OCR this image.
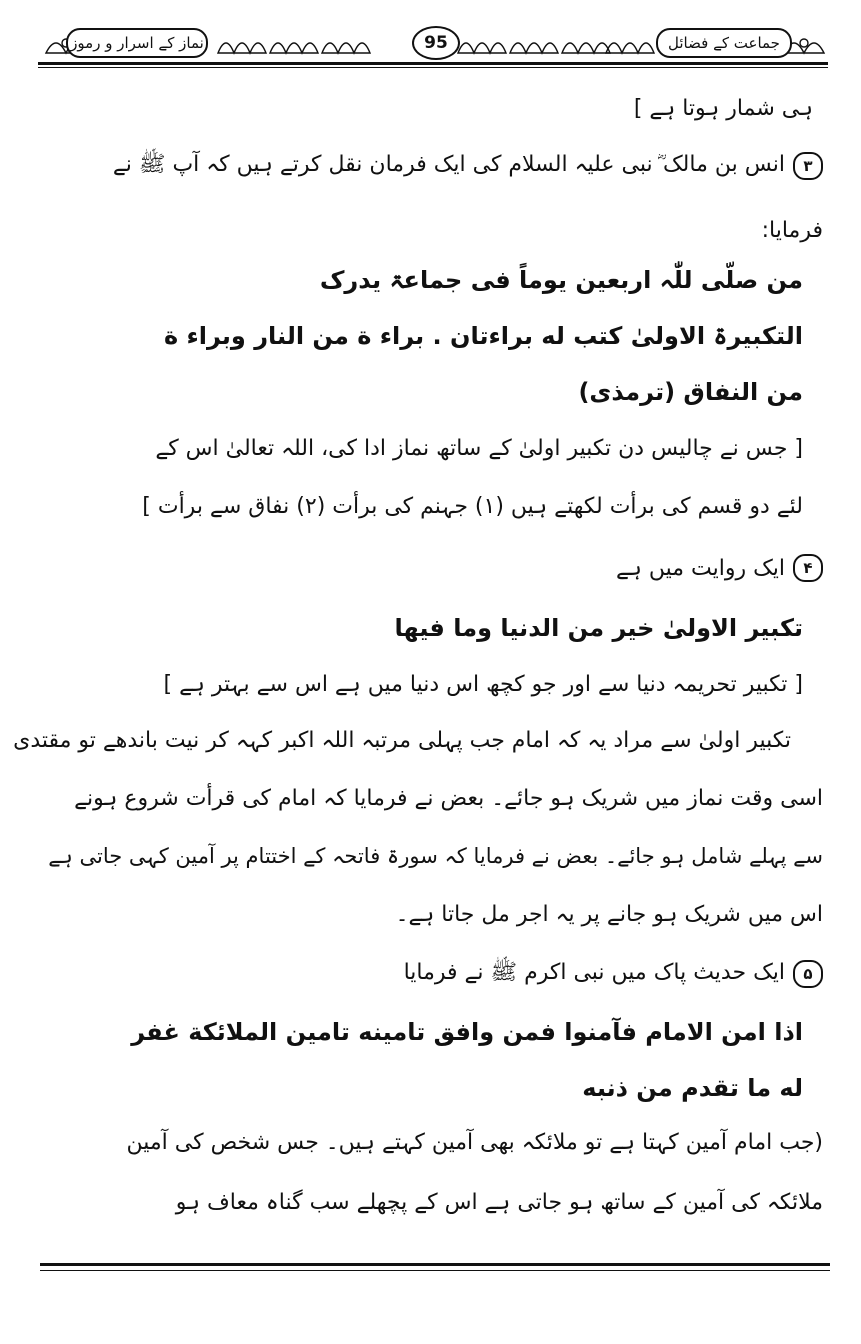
نماز کے اسرار و رموز	95	جماعت کے فضائل
ہی شمار ہوتا ہے ]
۳
انس بن مالک ؓ نبی علیہ السلام کی ایک فرمان نقل کرتے ہیں کہ آپ ﷺ نے
فرمایا:
من صلّی للّٰہ اربعین یوماً فی جماعۃ یدرک
التکبیرۃ الاولیٰ کتب له براءتان . براء ة من النار وبراء ة
من النفاق (ترمذی)
[ جس نے چالیس دن تکبیر اولیٰ کے ساتھ نماز ادا کی، اللہ تعالیٰ اس کے
لئے دو قسم کی برأت لکھتے ہیں (۱) جہنم کی برأت (۲) نفاق سے برأت ]
۴
ایک روایت میں ہے
تکبیر الاولیٰ خیر من الدنیا وما فیها
[ تکبیر تحریمہ دنیا سے اور جو کچھ اس دنیا میں ہے اس سے بہتر ہے ]
تکبیر اولیٰ سے مراد یہ کہ امام جب پہلی مرتبہ اللہ اکبر کہہ کر نیت باندھے تو مقتدی
اسی وقت نماز میں شریک ہو جائے۔ بعض نے فرمایا کہ امام کی قرأت شروع ہونے
سے پہلے شامل ہو جائے۔ بعض نے فرمایا کہ سورۃ فاتحہ کے اختتام پر آمین کہی جاتی ہے
اس میں شریک ہو جانے پر یہ اجر مل جاتا ہے۔
۵
ایک حدیث پاک میں نبی اکرم ﷺ نے فرمایا
اذا امن الامام فآمنوا فمن وافق تامینه تامین الملائکة غفر
له ما تقدم من ذنبه
(جب امام آمین کہتا ہے تو ملائکہ بھی آمین کہتے ہیں۔ جس شخص کی آمین
ملائکہ کی آمین کے ساتھ ہو جاتی ہے اس کے پچھلے سب گناہ معاف ہو
